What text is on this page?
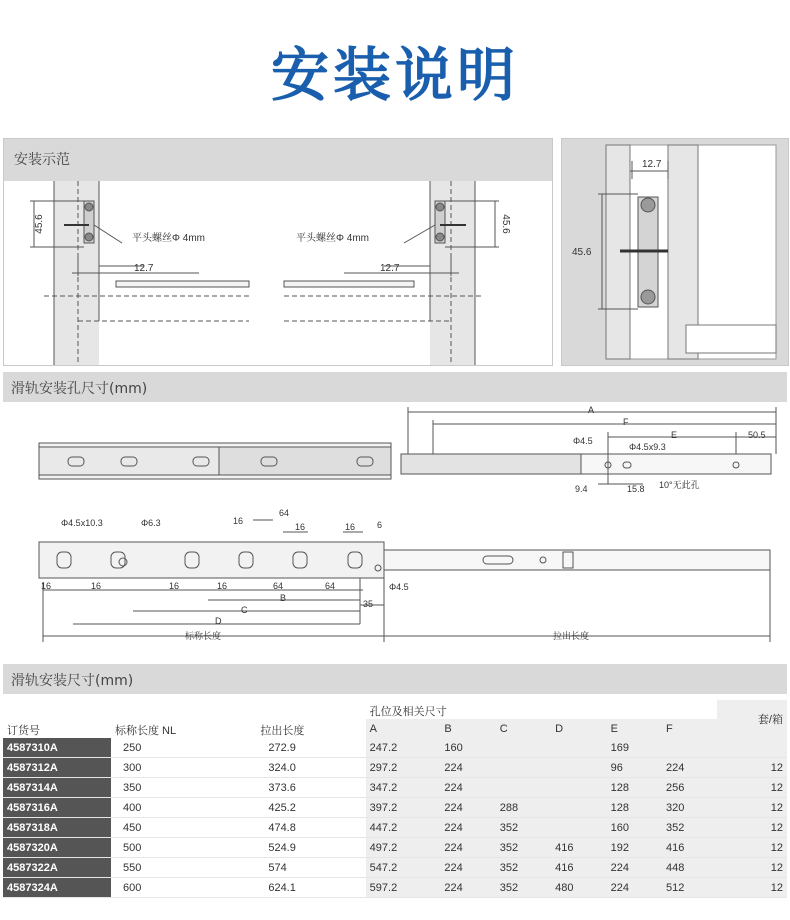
安装说明
安装示范
45.6
平头螺丝Φ 4mm
12.7
45.6
平头螺丝Φ 4mm
12.7
12.7
45.6
滑轨安装孔尺寸(mm)
A
F
E	50.5
Φ4.5
Φ4.5x9.3
9.4	15.8 10°无此孔
Φ4.5x10.3	Φ6.3
Φ4.5
16
64
16	16 6
16	16	16	16	64	64
B
35
C
D
标称长度	拉出长度
滑轨安装尺寸(mm)
订货号	标称长度 NL	拉出长度	孔位及相关尺寸						套/箱
			A	B	C	D	E	F	
4587310A	250	272.9	247.2	160			169		
4587312A	300	324.0	297.2	224			96	224	12
4587314A	350	373.6	347.2	224			128	256	12
4587316A	400	425.2	397.2	224	288		128	320	12
4587318A	450	474.8	447.2	224	352		160	352	12
4587320A	500	524.9	497.2	224	352	416	192	416	12
4587322A	550	574	547.2	224	352	416	224	448	12
4587324A	600	624.1	597.2	224	352	480	224	512	12
